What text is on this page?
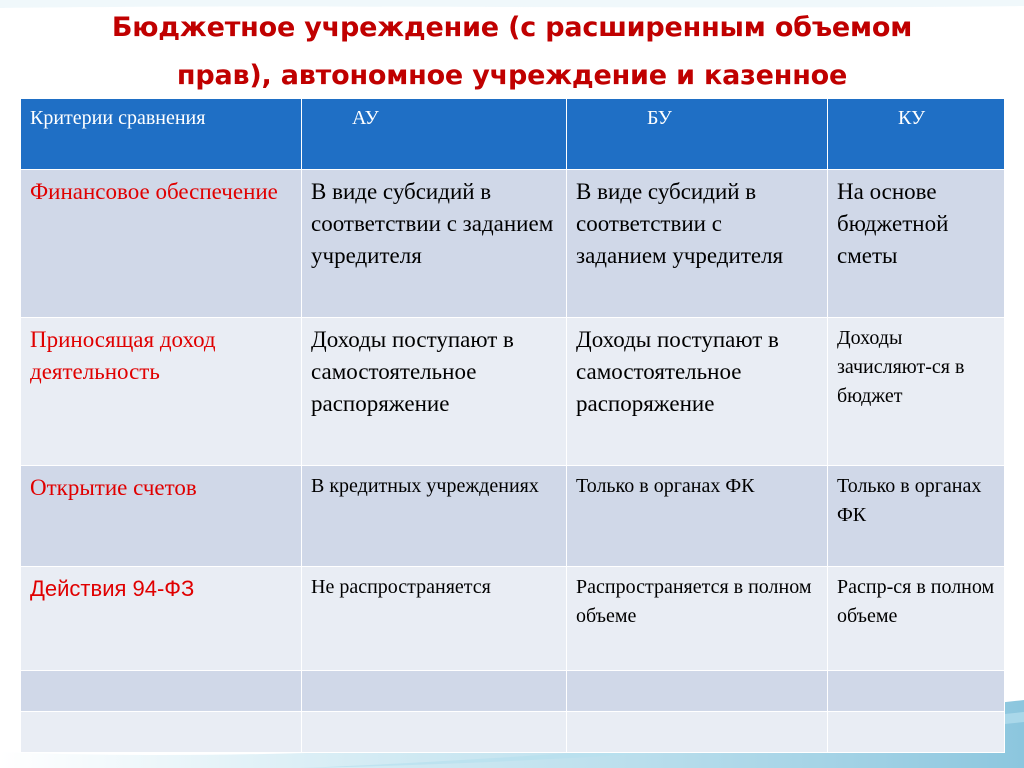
Бюджетное учреждение (с расширенным объемом
прав), автономное учреждение и казенное
Критерии сравнения	АУ	БУ	КУ
Финансовое обеспечение	В виде субсидий в соответствии с заданием учредителя	В виде субсидий в соответствии с заданием учредителя	На основе бюджетной сметы
Приносящая доход деятельность	Доходы поступают в самостоятельное распоряжение	Доходы поступают в самостоятельное распоряжение	Доходы зачисляют-ся в бюджет
Открытие счетов	В кредитных учреждениях	Только в органах ФК	Только в органах ФК
Действия 94-ФЗ	Не распространяется	Распространяется в полном объеме	Распр-ся в полном объеме
